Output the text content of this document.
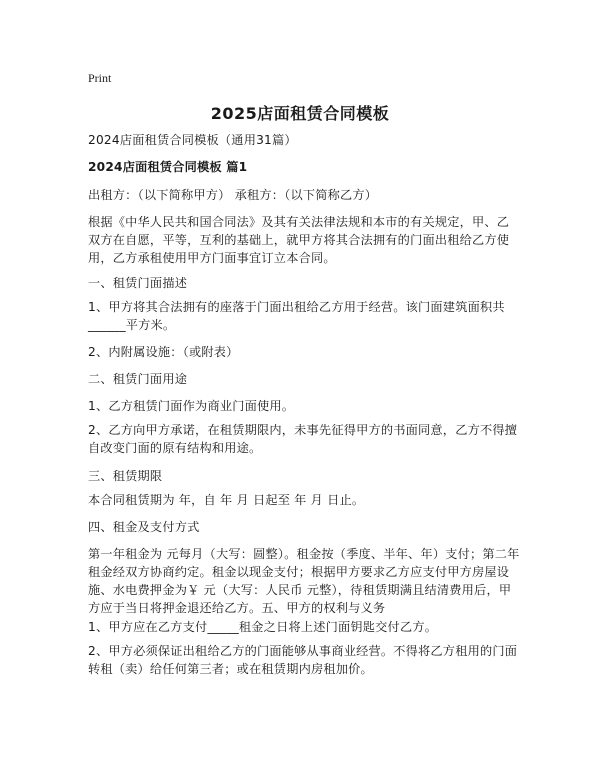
Print
2025店面租赁合同模板
2024店面租赁合同模板（通用31篇）
2024店面租赁合同模板 篇1
出租方：（以下简称甲方） 承租方：（以下简称乙方）
根据《中华人民共和国合同法》及其有关法律法规和本市的有关规定，甲、乙双方在自愿，平等，互利的基础上，就甲方将其合法拥有的门面出租给乙方使用，乙方承租使用甲方门面事宜订立本合同。
一、租赁门面描述
1、甲方将其合法拥有的座落于门面出租给乙方用于经营。该门面建筑面积共______平方米。
2、内附属设施：（或附表）
二、租赁门面用途
1、乙方租赁门面作为商业门面使用。
2、乙方向甲方承诺，在租赁期限内，未事先征得甲方的书面同意，乙方不得擅自改变门面的原有结构和用途。
三、租赁期限
本合同租赁期为 年，自 年 月 日起至 年 月 日止。
四、租金及支付方式
第一年租金为 元每月（大写：圆整）。租金按（季度、半年、年）支付；第二年租金经双方协商约定。租金以现金支付；根据甲方要求乙方应支付甲方房屋设施、水电费押金为￥ 元（大写：人民币 元整），待租赁期满且结清费用后，甲方应于当日将押金退还给乙方。五、甲方的权利与义务
1、甲方应在乙方支付_____租金之日将上述门面钥匙交付乙方。
2、甲方必须保证出租给乙方的门面能够从事商业经营。不得将乙方租用的门面转租（卖）给任何第三者；或在租赁期内房租加价。
